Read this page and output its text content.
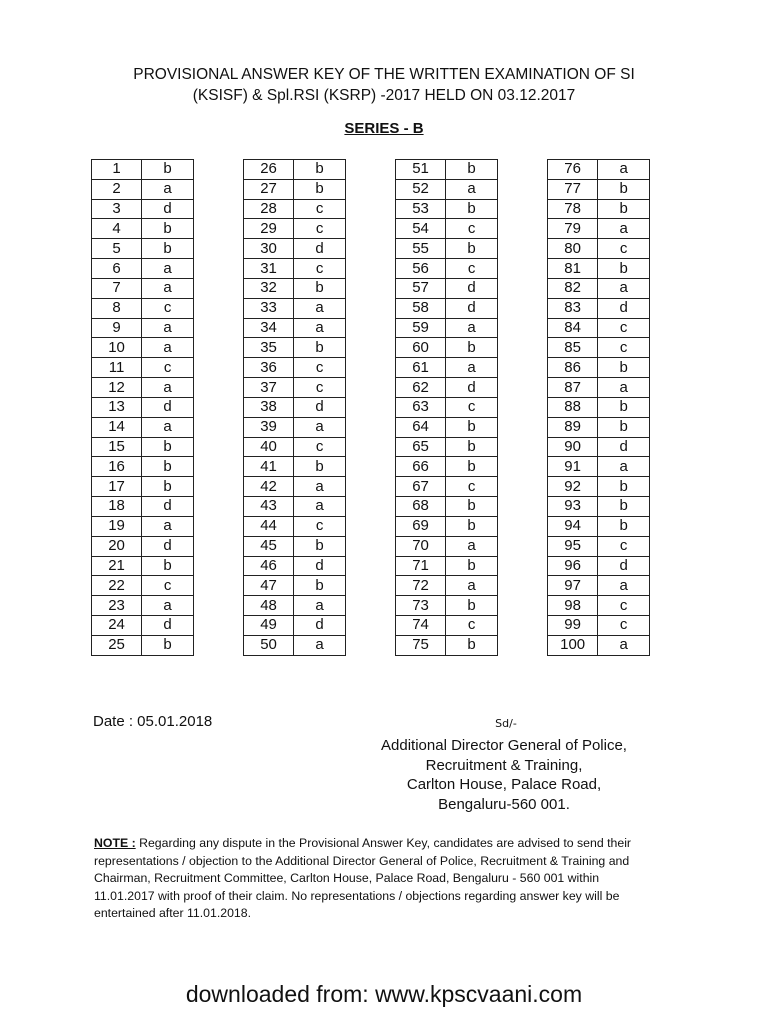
PROVISIONAL ANSWER KEY OF THE WRITTEN EXAMINATION OF SI
(KSISF) & Spl.RSI (KSRP) -2017 HELD ON 03.12.2017
SERIES - B
1	b
2	a
3	d
4	b
5	b
6	a
7	a
8	c
9	a
10	a
11	c
12	a
13	d
14	a
15	b
16	b
17	b
18	d
19	a
20	d
21	b
22	c
23	a
24	d
25	b
26	b
27	b
28	c
29	c
30	d
31	c
32	b
33	a
34	a
35	b
36	c
37	c
38	d
39	a
40	c
41	b
42	a
43	a
44	c
45	b
46	d
47	b
48	a
49	d
50	a
51	b
52	a
53	b
54	c
55	b
56	c
57	d
58	d
59	a
60	b
61	a
62	d
63	c
64	b
65	b
66	b
67	c
68	b
69	b
70	a
71	b
72	a
73	b
74	c
75	b
76	a
77	b
78	b
79	a
80	c
81	b
82	a
83	d
84	c
85	c
86	b
87	a
88	b
89	b
90	d
91	a
92	b
93	b
94	b
95	c
96	d
97	a
98	c
99	c
100	a
Date : 05.01.2018	Sd/-
Additional Director General of Police,
Recruitment & Training,
Carlton House, Palace Road,
Bengaluru-560 001.
NOTE : Regarding any dispute in the Provisional Answer Key, candidates are advised to send their representations / objection to the Additional Director General of Police, Recruitment & Training and Chairman, Recruitment Committee, Carlton House, Palace Road, Bengaluru - 560 001 within 11.01.2017 with proof of their claim. No representations / objections regarding answer key will be entertained after 11.01.2018.
downloaded from: www.kpscvaani.com
